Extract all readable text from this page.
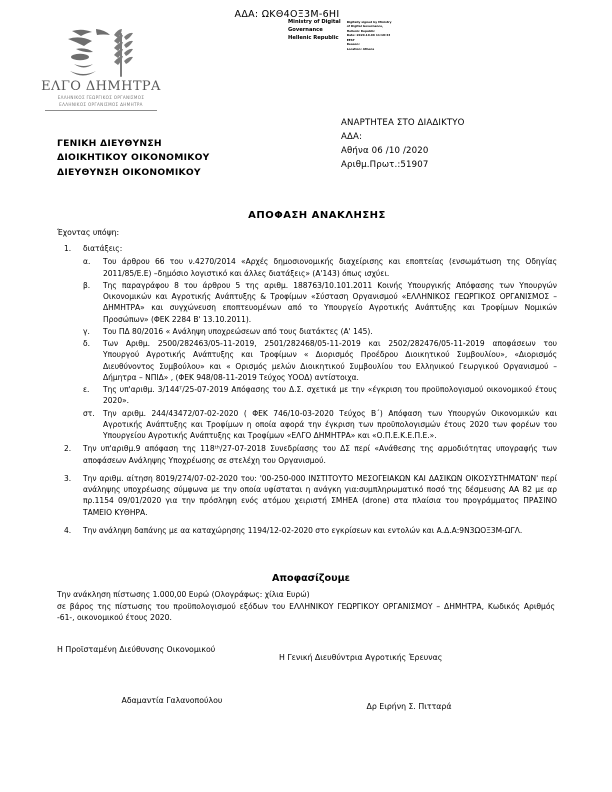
ΑΔΑ: ΩΚΘ4ΟΞ3Μ-6ΗΙ
Ministry of Digital
Governance
Hellenic Republic
Digitally signed by Ministry
of Digital Governance,
Hellenic Republic
Date: 2020.10.06 11:18:43
EEST
Reason:
Location: Athens
ΕΛΓΟ ΔΗΜΗΤΡΑ
ΕΛΛΗΝΙΚΟΣ ΓΕΩΡΓΙΚΟΣ ΟΡΓΑΝΙΣΜΟΣ
ΕΛΛΗΝΙΚΟΣ ΟΡΓΑΝΙΣΜΟΣ ΔΗΜΗΤΡΑ
ΓΕΝΙΚΗ ΔΙΕΥΘΥΝΣΗ
ΔΙΟΙΚΗΤΙΚΟΥ ΟΙΚΟΝΟΜΙΚΟΥ
ΔΙΕΥΘΥΝΣΗ ΟΙΚΟΝΟΜΙΚΟΥ
ΑΝΑΡΤΗΤΕΑ ΣΤΟ ΔΙΑΔΙΚΤΥΟ
ΑΔΑ:
Αθήνα 06 /10 /2020
Αριθμ.Πρωτ.:51907
ΑΠΟΦΑΣΗ ΑΝΑΚΛΗΣΗΣ
Έχοντας υπόψη:
1. διατάξεις:
α. Του άρθρου 66 του ν.4270/2014 «Αρχές δημοσιονομικής διαχείρισης και εποπτείας (ενσωμάτωση της Οδηγίας 2011/85/Ε.Ε) –δημόσιο λογιστικό και άλλες διατάξεις» (Α'143) όπως ισχύει.
β. Της παραγράφου 8 του άρθρου 5 της αριθμ. 188763/10.101.2011 Κοινής Υπουργικής Απόφασης των Υπουργών Οικονομικών και Αγροτικής Ανάπτυξης & Τροφίμων «Σύσταση Οργανισμού «ΕΛΛΗΝΙΚΟΣ ΓΕΩΡΓΙΚΟΣ ΟΡΓΑΝΙΣΜΟΣ – ΔΗΜΗΤΡΑ» και συγχώνευση εποπτευομένων από το Υπουργείο Αγροτικής Ανάπτυξης και Τροφίμων Νομικών Προσώπων» (ΦΕΚ 2284 Β' 13.10.2011).
γ. Του ΠΔ 80/2016 « Ανάληψη υποχρεώσεων από τους διατάκτες (Α' 145).
δ. Των Αριθμ. 2500/282463/05-11-2019, 2501/282468/05-11-2019 και 2502/282476/05-11-2019 αποφάσεων του Υπουργού Αγροτικής Ανάπτυξης και Τροφίμων « Διορισμός Προέδρου Διοικητικού Συμβουλίου», «Διορισμός Διευθύνοντος Συμβούλου» και « Ορισμός μελών Διοικητικού Συμβουλίου του Ελληνικού Γεωργικού Οργανισμού – Δήμητρα – ΝΠΙΔ» , (ΦΕΚ 948/08-11-2019 Τεύχος ΥΟΟΔ) αντίστοιχα.
ε. Της υπ'αριθμ. 3/144ᵀ/25-07-2019 Απόφασης του Δ.Σ. σχετικά με την «έγκριση του προϋπολογισμού οικονομικού έτους 2020».
στ. Την αριθμ. 244/43472/07-02-2020 ( ΦΕΚ 746/10-03-2020 Τεύχος Β΄) Απόφαση των Υπουργών Οικονομικών και Αγροτικής Ανάπτυξης και Τροφίμων η οποία αφορά την έγκριση των προϋπολογισμών έτους 2020 των φορέων του Υπουργείου Αγροτικής Ανάπτυξης και Τροφίμων «ΕΛΓΟ ΔΗΜΗΤΡΑ» και «Ο.Π.Ε.Κ.Ε.Π.Ε.».
2. Την υπ'αριθμ.9 απόφαση της 118ᵗʰ/27-07-2018 Συνεδρίασης του ΔΣ περί «Ανάθεσης της αρμοδιότητας υπογραφής των αποφάσεων Ανάληψης Υποχρέωσης σε στελέχη του Οργανισμού.
3. Την αριθμ. αίτηση 8019/274/07-02-2020 του: '00-250-000 ΙΝΣΤΙΤΟΥΤΟ ΜΕΣΟΓΕΙΑΚΩΝ ΚΑΙ ΔΑΣΙΚΩΝ ΟΙΚΟΣΥΣΤΗΜΑΤΩΝ' περί ανάληψης υποχρέωσης σύμφωνα με την οποία υφίσταται η ανάγκη για:συμπληρωματικό ποσό της δέσμευσης ΑΑ 82 με αρ πρ.1154 09/01/2020 για την πρόσληψη ενός ατόμου χειριστή ΣΜΗΕΑ (drone) στα πλαίσια του προγράμματος ΠΡΑΣΙΝΟ ΤΑΜΕΙΟ ΚΥΘΗΡΑ.
4. Την ανάληψη δαπάνης με αα καταχώρησης 1194/12-02-2020 στο εγκρίσεων και εντολών και Α.Δ.Α:9Ν3ΩΟΞ3Μ-ΩΓΛ.
Αποφασίζουμε
Την ανάκληση πίστωσης 1.000,00 Ευρώ (Ολογράφως: χίλια Ευρώ)
σε βάρος της πίστωσης του προϋπολογισμού εξόδων του ΕΛΛΗΝΙΚΟΥ ΓΕΩΡΓΙΚΟΥ ΟΡΓΑΝΙΣΜΟΥ – ΔΗΜΗΤΡΑ, Κωδικός Αριθμός -61-, οικονομικού έτους 2020.
Η Προϊσταμένη Διεύθυνσης Οικονομικού
Αδαμαντία Γαλανοπούλου
Η Γενική Διευθύντρια Αγροτικής Έρευνας
Δρ Ειρήνη Σ. Πιτταρά
